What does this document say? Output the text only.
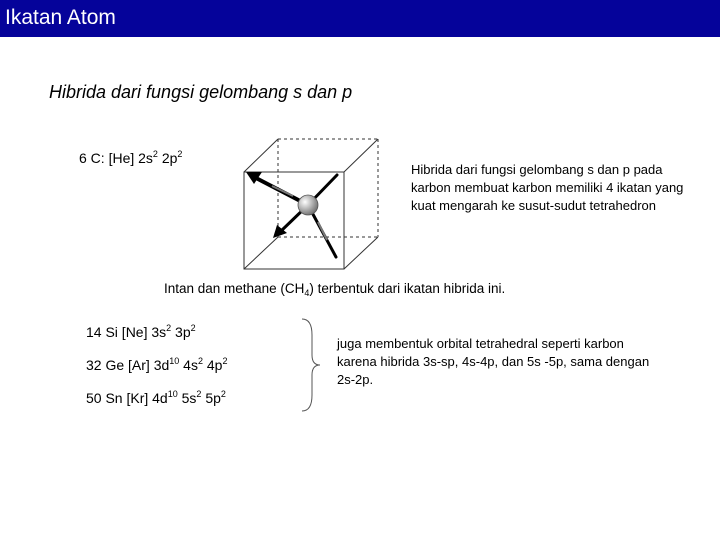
Ikatan Atom
Hibrida dari fungsi gelombang s dan p
6 C: [He] $2s^2$ $2p^2$
Hibrida dari fungsi gelombang s dan p pada karbon membuat karbon memiliki 4 ikatan yang kuat mengarah ke susut-sudut tetrahedron
Intan dan methane $(CH_4)$ terbentuk dari ikatan hibrida ini.
14 Si [Ne] $3s^2$ $3p^2$
32 Ge [Ar] $3d^{10}$ $4s^2$ $4p^2$
50 Sn [Kr] $4d^{10}$ $5s^2$ $5p^2$
juga membentuk orbital tetrahedral seperti karbon karena hibrida 3s-sp, 4s-4p, dan 5s -5p, sama dengan 2s-2p.
